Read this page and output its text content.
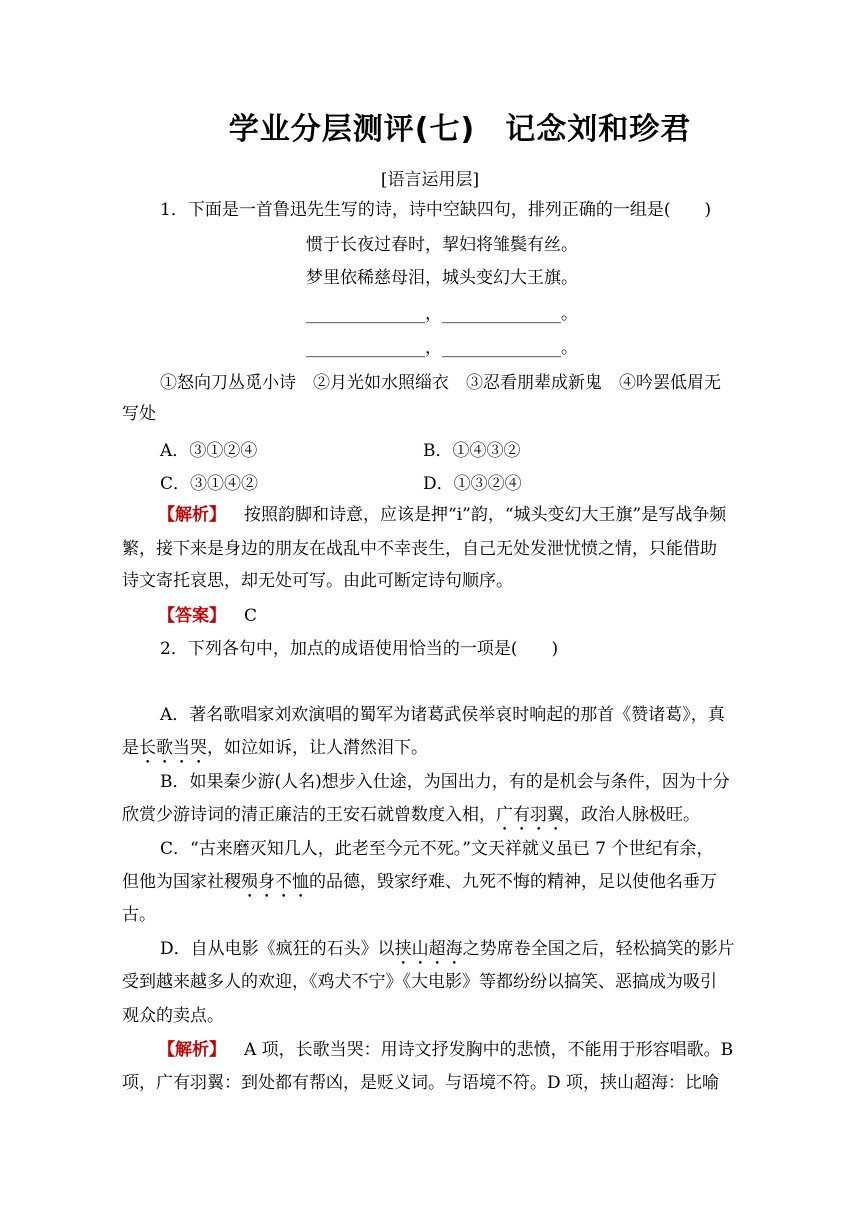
学业分层测评(七) 记念刘和珍君
[语言运用层]
1．下面是一首鲁迅先生写的诗，诗中空缺四句，排列正确的一组是(　　)
惯于长夜过春时，挈妇将雏鬓有丝。
梦里依稀慈母泪，城头变幻大王旗。
______________，______________。
______________，______________。
①怒向刀丛觅小诗　②月光如水照缁衣　③忍看朋辈成新鬼　④吟罢低眉无
写处
A．③①②④	B．①④③②
C．③①④②	D．①③②④
【解析】 按照韵脚和诗意，应该是押“i”韵，“城头变幻大王旗”是写战争频
繁，接下来是身边的朋友在战乱中不幸丧生，自己无处发泄忧愤之情，只能借助
诗文寄托哀思，却无处可写。由此可断定诗句顺序。
【答案】 C
2．下列各句中，加点的成语使用恰当的一项是(　　)
A．著名歌唱家刘欢演唱的蜀军为诸葛武侯举哀时响起的那首《赞诸葛》，真
是长歌当哭，如泣如诉，让人潸然泪下。
B．如果秦少游(人名)想步入仕途，为国出力，有的是机会与条件，因为十分
欣赏少游诗词的清正廉洁的王安石就曾数度入相，广有羽翼，政治人脉极旺。
C．“古来磨灭知几人，此老至今元不死。”文天祥就义虽已 7 个世纪有余，
但他为国家社稷殒身不恤的品德，毁家纾难、九死不悔的精神，足以使他名垂万
古。
D．自从电影《疯狂的石头》以挟山超海之势席卷全国之后，轻松搞笑的影片
受到越来越多人的欢迎，《鸡犬不宁》《大电影》等都纷纷以搞笑、恶搞成为吸引
观众的卖点。
【解析】 A 项，长歌当哭：用诗文抒发胸中的悲愤，不能用于形容唱歌。B
项，广有羽翼：到处都有帮凶，是贬义词。与语境不符。D 项，挟山超海：比喻
